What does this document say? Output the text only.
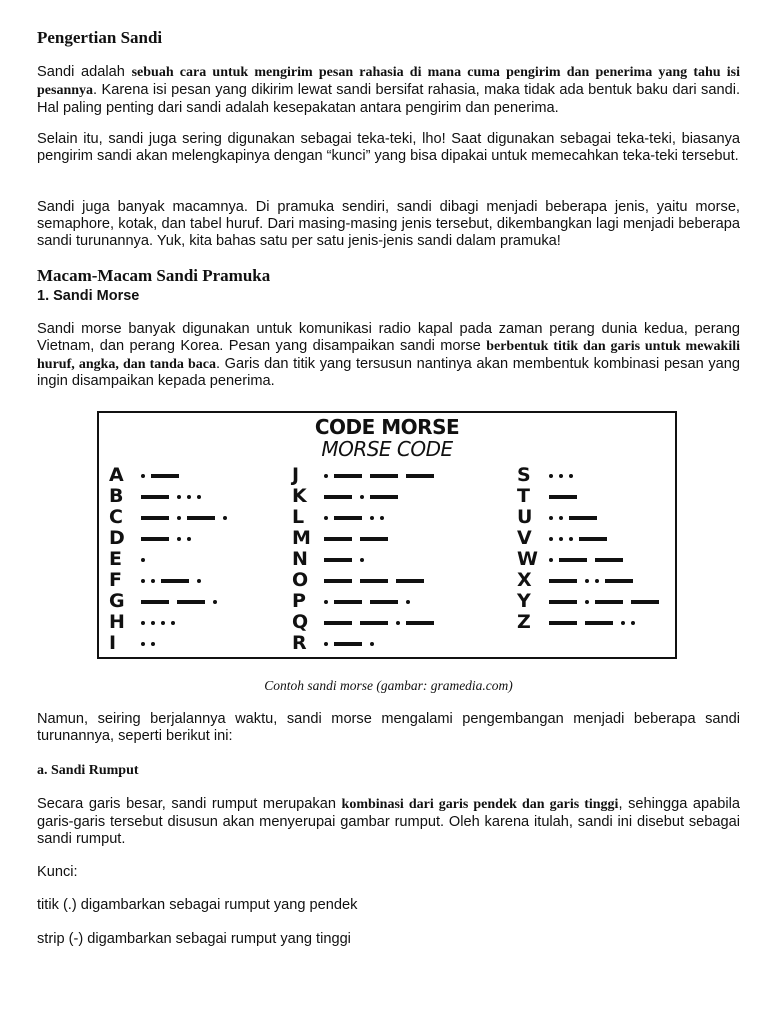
Pengertian Sandi

Sandi adalah sebuah cara untuk mengirim pesan rahasia di mana cuma pengirim dan penerima yang tahu isi pesannya. Karena isi pesan yang dikirim lewat sandi bersifat rahasia, maka tidak ada bentuk baku dari sandi. Hal paling penting dari sandi adalah kesepakatan antara pengirim dan penerima.

Selain itu, sandi juga sering digunakan sebagai teka-teki, lho! Saat digunakan sebagai teka-teki, biasanya pengirim sandi akan melengkapinya dengan “kunci” yang bisa dipakai untuk memecahkan teka-teki tersebut.

Sandi juga banyak macamnya. Di pramuka sendiri, sandi dibagi menjadi beberapa jenis, yaitu morse, semaphore, kotak, dan tabel huruf. Dari masing-masing jenis tersebut, dikembangkan lagi menjadi beberapa sandi turunannya. Yuk, kita bahas satu per satu jenis-jenis sandi dalam pramuka!

Macam-Macam Sandi Pramuka
1. Sandi Morse

Sandi morse banyak digunakan untuk komunikasi radio kapal pada zaman perang dunia kedua, perang Vietnam, dan perang Korea. Pesan yang disampaikan sandi morse berbentuk titik dan garis untuk mewakili huruf, angka, dan tanda baca. Garis dan titik yang tersusun nantinya akan membentuk kombinasi pesan yang ingin disampaikan kepada penerima.

CODE MORSE
MORSE CODE
A
B
C
D
E
F
G
H
I
J
K
L
M
N
O
P
Q
R
S
T
U
V
W
X
Y
Z
Contoh sandi morse (gambar: gramedia.com)

Namun, seiring berjalannya waktu, sandi morse mengalami pengembangan menjadi beberapa sandi turunannya, seperti berikut ini:

a. Sandi Rumput

Secara garis besar, sandi rumput merupakan kombinasi dari garis pendek dan garis tinggi, sehingga apabila garis-garis tersebut disusun akan menyerupai gambar rumput. Oleh karena itulah, sandi ini disebut sebagai sandi rumput.

Kunci:

titik (.) digambarkan sebagai rumput yang pendek

strip (-) digambarkan sebagai rumput yang tinggi
